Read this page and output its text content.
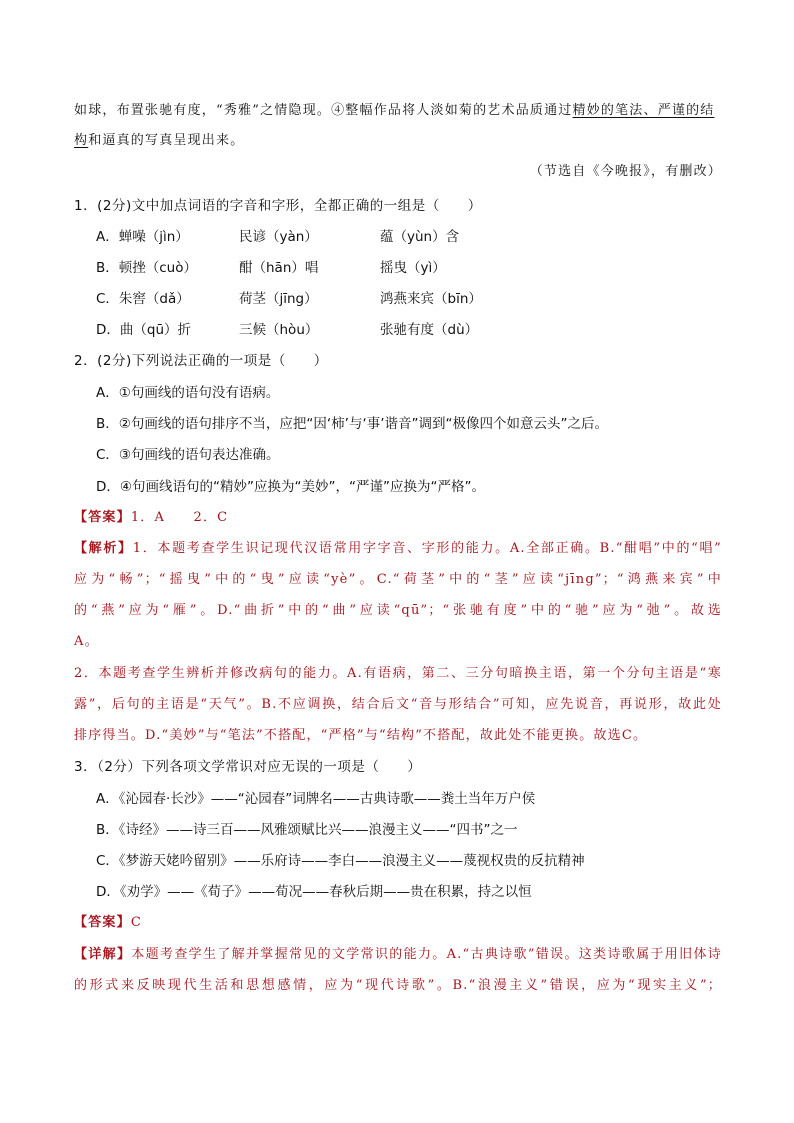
如球，布置张驰有度，“秀雅”之情隐现。④整幅作品将人淡如菊的艺术品质通过精妙的笔法、严谨的结
构和逼真的写真呈现出来。
（节选自《今晚报》，有删改）
1．(2分)文中加点词语的字音和字形，全都正确的一组是（　　）
A．蝉噪（jìn）	民谚（yàn）	蕴（yùn）含
B．顿挫（cuò）	酣（hān）唱	摇曳（yì）
C．朱窖（dǎ）	荷茎（jīng）	鸿燕来宾（bīn）
D．曲（qū）折	三候（hòu）	张驰有度（dù）
2．(2分)下列说法正确的一项是（　　）
A．①句画线的语句没有语病。
B．②句画线的语句排序不当，应把“因‘柿’与‘事’谐音”调到“极像四个如意云头”之后。
C．③句画线的语句表达准确。
D．④句画线语句的“精妙”应换为“美妙”，“严谨”应换为“严格”。
【答案】1．A　　2．C
【解析】1．本题考查学生识记现代汉语常用字字音、字形的能力。A.全部正确。B.“酣唱”中的“唱”
应为“畅”；“摇曳”中的“曳”应读“yè”。C.“荷茎”中的“茎”应读“jīng”；“鸿燕来宾”中
的“燕”应为“雁”。D.“曲折”中的“曲”应读“qū”；“张驰有度”中的“驰”应为“弛”。故选
A。
2．本题考查学生辨析并修改病句的能力。A.有语病，第二、三分句暗换主语，第一个分句主语是“寒
露”，后句的主语是“天气”。B.不应调换，结合后文“音与形结合”可知，应先说音，再说形，故此处
排序得当。D.“美妙”与“笔法”不搭配，“严格”与“结构”不搭配，故此处不能更换。故选C。
3．（2分）下列各项文学常识对应无误的一项是（　　）
A．《沁园春·长沙》——“沁园春”词牌名——古典诗歌——粪土当年万户侯
B．《诗经》——诗三百——风雅颂赋比兴——浪漫主义——“四书”之一
C．《梦游天姥吟留别》——乐府诗——李白——浪漫主义——蔑视权贵的反抗精神
D．《劝学》——《荀子》——荀况——春秋后期——贵在积累，持之以恒
【答案】C
【详解】本题考查学生了解并掌握常见的文学常识的能力。A.“古典诗歌”错误。这类诗歌属于用旧体诗
的形式来反映现代生活和思想感情，应为“现代诗歌”。B.“浪漫主义”错误，应为“现实主义”；
